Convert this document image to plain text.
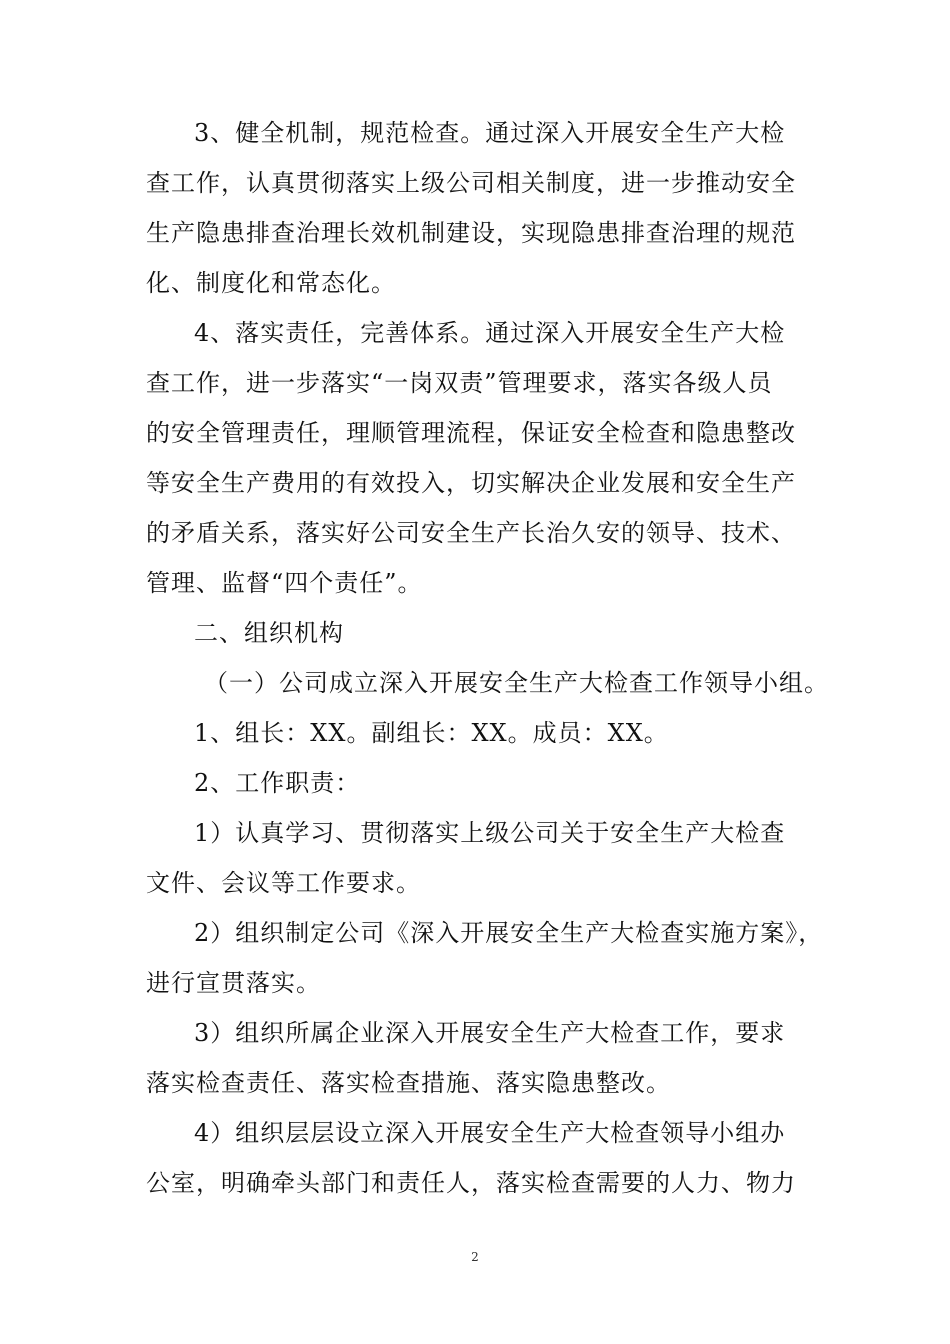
3、健全机制，规范检查。通过深入开展安全生产大检
查工作，认真贯彻落实上级公司相关制度，进一步推动安全
生产隐患排查治理长效机制建设，实现隐患排查治理的规范
化、制度化和常态化。
4、落实责任，完善体系。通过深入开展安全生产大检
查工作，进一步落实“一岗双责”管理要求，落实各级人员
的安全管理责任，理顺管理流程，保证安全检查和隐患整改
等安全生产费用的有效投入，切实解决企业发展和安全生产
的矛盾关系，落实好公司安全生产长治久安的领导、技术、
管理、监督“四个责任”。
二、组织机构
（一）公司成立深入开展安全生产大检查工作领导小组。
1、组长：XX。副组长：XX。成员：XX。
2、工作职责：
1）认真学习、贯彻落实上级公司关于安全生产大检查
文件、会议等工作要求。
2）组织制定公司《深入开展安全生产大检查实施方案》，
进行宣贯落实。
3）组织所属企业深入开展安全生产大检查工作，要求
落实检查责任、落实检查措施、落实隐患整改。
4）组织层层设立深入开展安全生产大检查领导小组办
公室，明确牵头部门和责任人，落实检查需要的人力、物力
2
